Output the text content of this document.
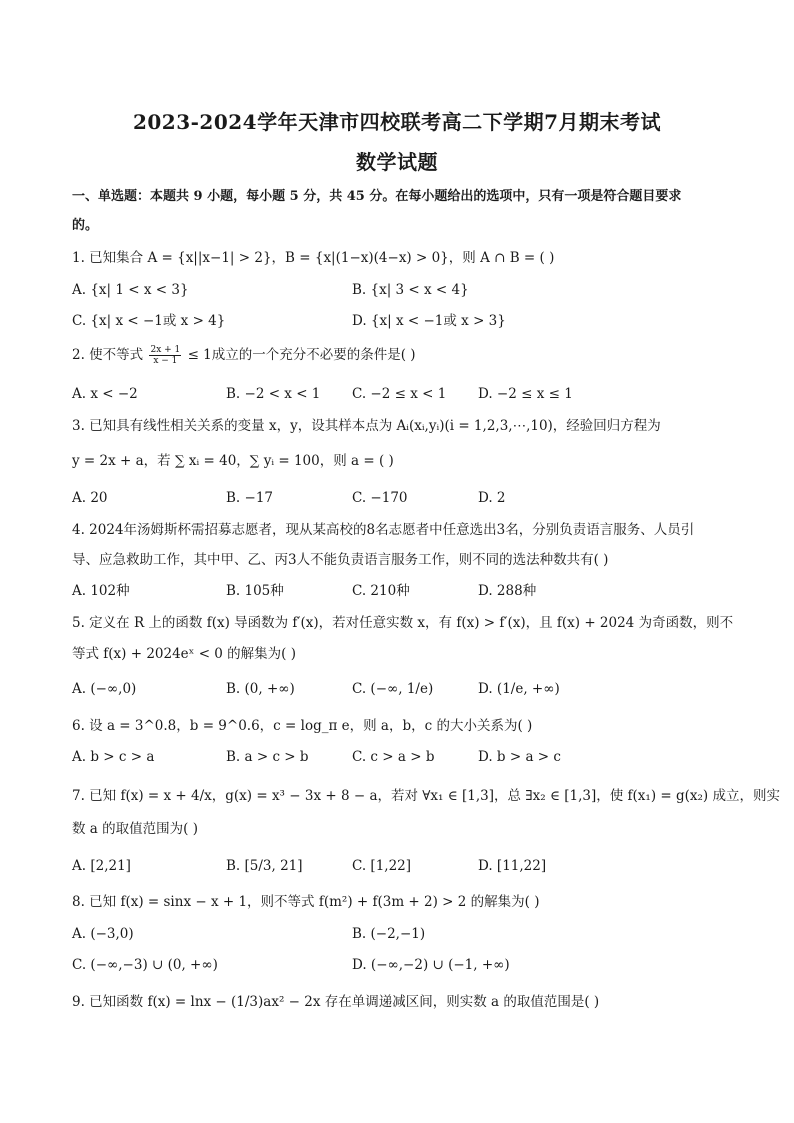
2023-2024学年天津市四校联考高二下学期7月期末考试
数学试题
一、单选题：本题共 9 小题，每小题 5 分，共 45 分。在每小题给出的选项中，只有一项是符合题目要求
的。
1. 已知集合 A = {x||x−1| > 2}，B = {x|(1−x)(4−x) > 0}，则 A ∩ B = ( )
A. {x| 1 < x < 3}	B. {x| 3 < x < 4}
C. {x| x < −1或 x > 4}	D. {x| x < −1或 x > 3}
2. 使不等式 $\frac{2x + 1}{x - 1} \le 1$成立的一个充分不必要的条件是( )
A. x < −2	B. −2 < x < 1 C. −2 ≤ x < 1 D. −2 ≤ x ≤ 1
3. 已知具有线性相关关系的变量 x，y，设其样本点为 Aᵢ(xᵢ,yᵢ)(i = 1,2,3,⋯,10)，经验回归方程为
y = 2x + a，若 ∑ xᵢ = 40，∑ yᵢ = 100，则 a = ( )
A. 20	B. −17	C. −170	D. 2
4. 2024年汤姆斯杯需招募志愿者，现从某高校的8名志愿者中任意选出3名，分别负责语言服务、人员引
导、应急救助工作，其中甲、乙、丙3人不能负责语言服务工作，则不同的选法种数共有( )
A. 102种	B. 105种	C. 210种	D. 288种
5. 定义在 R 上的函数 f(x) 导函数为 f′(x)，若对任意实数 x，有 f(x) > f′(x)，且 f(x) + 2024 为奇函数，则不
等式 f(x) + 2024eˣ < 0 的解集为( )
A. (−∞,0)	B. (0, +∞)	C. (−∞, 1/e)	D. (1/e, +∞)
6. 设 a = 3^0.8，b = 9^0.6，c = log_π e，则 a，b，c 的大小关系为( )
A. b > c > a	B. a > c > b	C. c > a > b	D. b > a > c
7. 已知 f(x) = x + 4/x，g(x) = x³ − 3x + 8 − a，若对 ∀x₁ ∈ [1,3]，总 ∃x₂ ∈ [1,3]，使 f(x₁) = g(x₂) 成立，则实
数 a 的取值范围为( )
A. [2,21]	B. [5/3, 21]	C. [1,22]	D. [11,22]
8. 已知 f(x) = sinx − x + 1，则不等式 f(m²) + f(3m + 2) > 2 的解集为( )
A. (−3,0)	B. (−2,−1)
C. (−∞,−3) ∪ (0, +∞)	D. (−∞,−2) ∪ (−1, +∞)
9. 已知函数 f(x) = lnx − (1/3)ax² − 2x 存在单调递减区间，则实数 a 的取值范围是( )
